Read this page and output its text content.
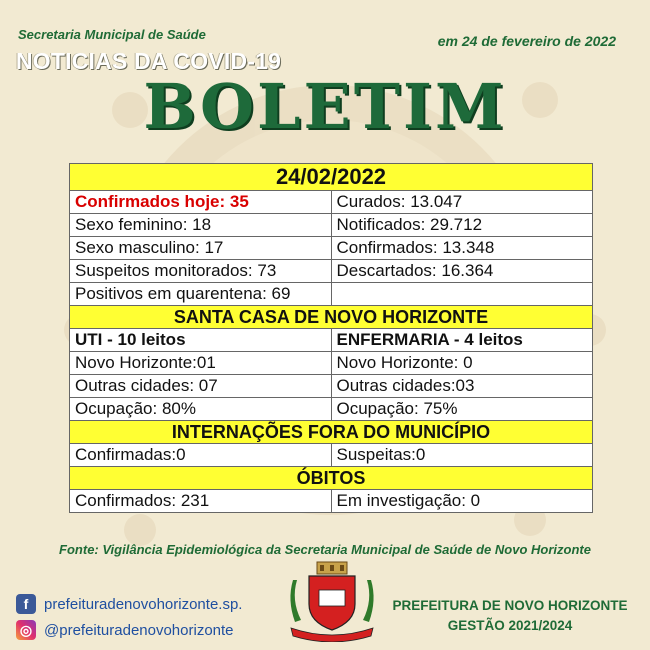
Secretaria Municipal de Saúde	em 24 de fevereiro de 2022
NOTICIAS DA COVID-19
BOLETIM
24/02/2022	
Confirmados hoje: 35	Curados: 13.047
Sexo feminino: 18	Notificados: 29.712
Sexo masculino: 17	Confirmados: 13.348
Suspeitos monitorados: 73	Descartados: 16.364
Positivos em quarentena: 69	
SANTA CASA DE NOVO HORIZONTE	
UTI - 10 leitos	ENFERMARIA - 4 leitos
Novo Horizonte:01	Novo Horizonte: 0
Outras cidades: 07	Outras cidades:03
Ocupação: 80%	Ocupação: 75%
INTERNAÇÕES FORA DO MUNICÍPIO	
Confirmadas:0	Suspeitas:0
ÓBITOS	
Confirmados: 231	Em investigação: 0
Fonte: Vigilância Epidemiológica da Secretaria Municipal de Saúde de Novo Horizonte
f	prefeituradenovohorizonte.sp.
◎ @prefeituradenovohorizonte
PREFEITURA DE NOVO HORIZONTE
GESTÃO 2021/2024
